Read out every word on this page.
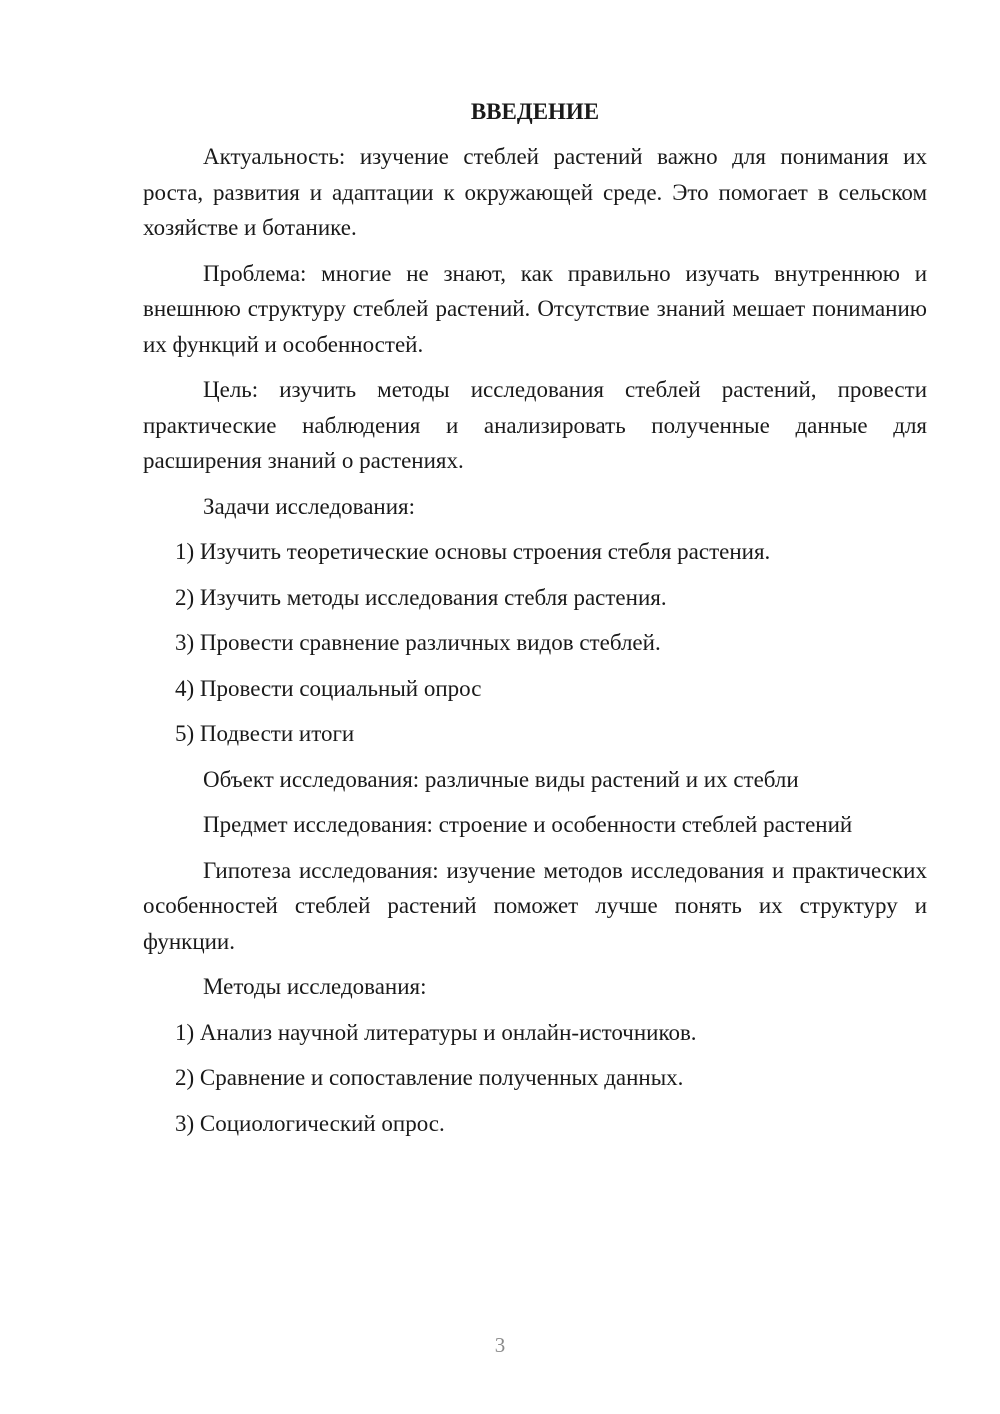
ВВЕДЕНИЕ
Актуальность: изучение стеблей растений важно для понимания их роста, развития и адаптации к окружающей среде. Это помогает в сельском хозяйстве и ботанике.
Проблема: многие не знают, как правильно изучать внутреннюю и внешнюю структуру стеблей растений. Отсутствие знаний мешает пониманию их функций и особенностей.
Цель: изучить методы исследования стеблей растений, провести практические наблюдения и анализировать полученные данные для расширения знаний о растениях.
Задачи исследования:
1) Изучить теоретические основы строения стебля растения.
2) Изучить методы исследования стебля растения.
3) Провести сравнение различных видов стеблей.
4) Провести социальный опрос
5) Подвести итоги
Объект исследования: различные виды растений и их стебли
Предмет исследования: строение и особенности стеблей растений
Гипотеза исследования: изучение методов исследования и практических особенностей стеблей растений поможет лучше понять их структуру и функции.
Методы исследования:
1) Анализ научной литературы и онлайн-источников.
2) Сравнение и сопоставление полученных данных.
3) Социологический опрос.
3
